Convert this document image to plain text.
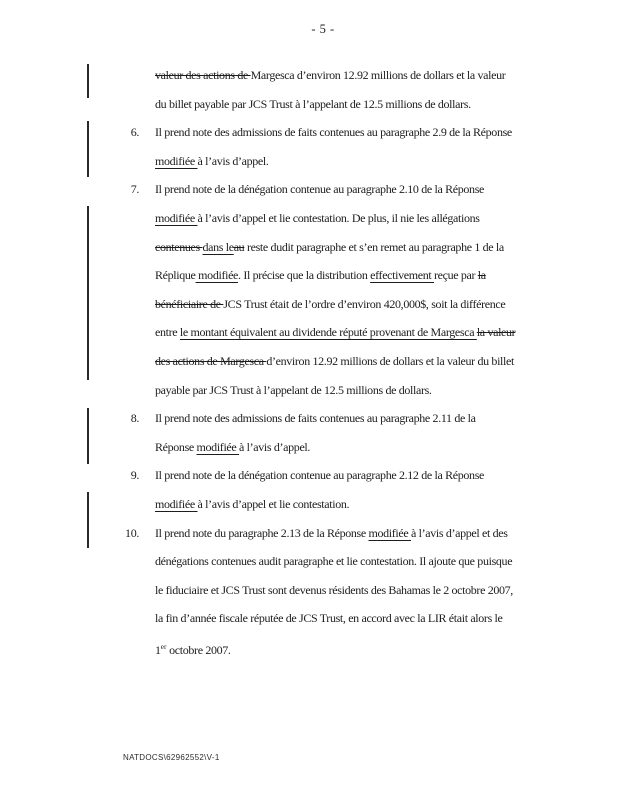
- 5 -
valeur des actions de Margesca d’environ 12.92 millions de dollars et la valeur
du billet payable par JCS Trust à l’appelant de 12.5 millions de dollars.
6. Il prend note des admissions de faits contenues au paragraphe 2.9 de la Réponse
modifiée à l’avis d’appel.
7. Il prend note de la dénégation contenue au paragraphe 2.10 de la Réponse
modifiée à l’avis d’appel et lie contestation. De plus, il nie les allégations
contenues dans leau reste dudit paragraphe et s’en remet au paragraphe 1 de la
Réplique modifiée. Il précise que la distribution effectivement reçue par la
bénéficiaire de JCS Trust était de l’ordre d’environ 420,000$, soit la différence
entre le montant équivalent au dividende réputé provenant de Margesca la valeur
des actions de Margesca d’environ 12.92 millions de dollars et la valeur du billet
payable par JCS Trust à l’appelant de 12.5 millions de dollars.
8. Il prend note des admissions de faits contenues au paragraphe 2.11 de la
Réponse modifiée à l’avis d’appel.
9. Il prend note de la dénégation contenue au paragraphe 2.12 de la Réponse
modifiée à l’avis d’appel et lie contestation.
10. Il prend note du paragraphe 2.13 de la Réponse modifiée à l’avis d’appel et des
dénégations contenues audit paragraphe et lie contestation. Il ajoute que puisque
le fiduciaire et JCS Trust sont devenus résidents des Bahamas le 2 octobre 2007,
la fin d’année fiscale réputée de JCS Trust, en accord avec la LIR était alors le
1er octobre 2007.
NATDOCS\62962552\V-1
